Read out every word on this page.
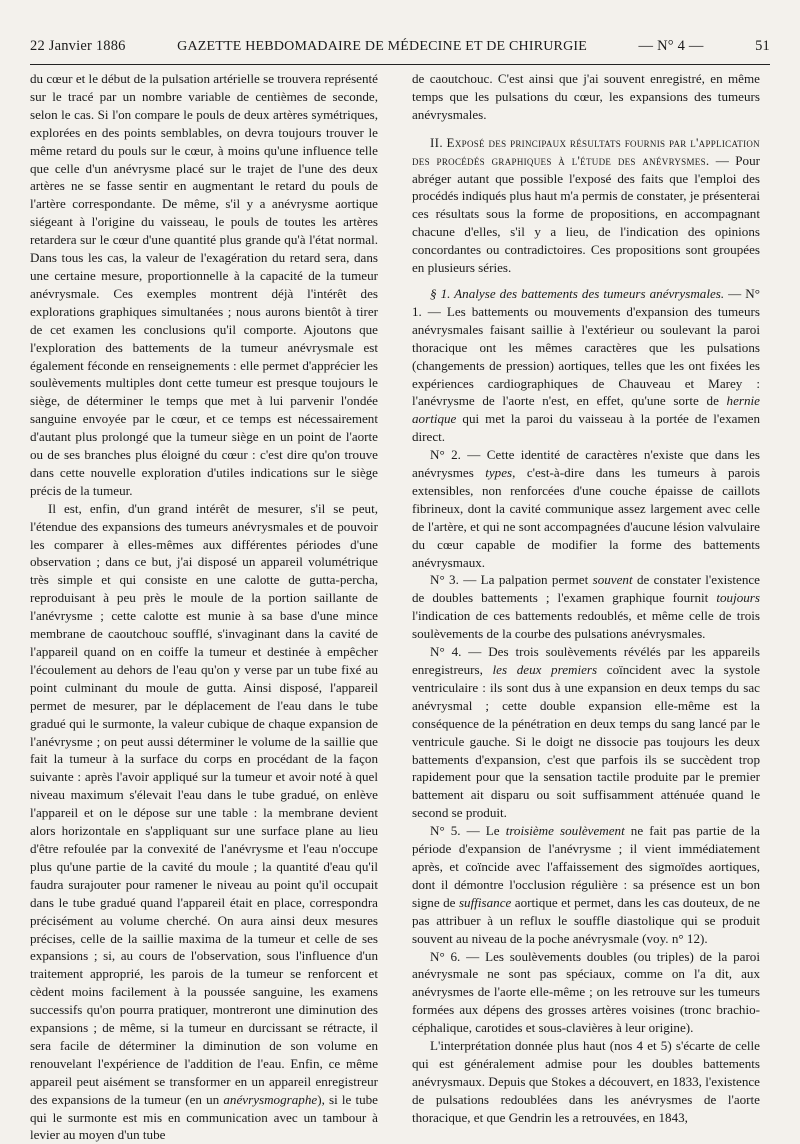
22 Janvier 1886	GAZETTE HEBDOMADAIRE DE MÉDECINE ET DE CHIRURGIE	— N° 4 —	51

du cœur et le début de la pulsation artérielle se trouvera représenté sur le tracé par un nombre variable de centièmes de seconde, selon le cas. Si l'on compare le pouls de deux artères symétriques, explorées en des points semblables, on devra toujours trouver le même retard du pouls sur le cœur, à moins qu'une influence telle que celle d'un anévrysme placé sur le trajet de l'une des deux artères ne se fasse sentir en augmentant le retard du pouls de l'artère correspondante. De même, s'il y a anévrysme aortique siégeant à l'origine du vaisseau, le pouls de toutes les artères retardera sur le cœur d'une quantité plus grande qu'à l'état normal. Dans tous les cas, la valeur de l'exagération du retard sera, dans une certaine mesure, proportionnelle à la capacité de la tumeur anévrysmale. Ces exemples montrent déjà l'intérêt des explorations graphiques simultanées ; nous aurons bientôt à tirer de cet examen les conclusions qu'il comporte. Ajoutons que l'exploration des battements de la tumeur anévrysmale est également féconde en renseignements : elle permet d'apprécier les soulèvements multiples dont cette tumeur est presque toujours le siège, de déterminer le temps que met à lui parvenir l'ondée sanguine envoyée par le cœur, et ce temps est nécessairement d'autant plus prolongé que la tumeur siège en un point de l'aorte ou de ses branches plus éloigné du cœur : c'est dire qu'on trouve dans cette nouvelle exploration d'utiles indications sur le siège précis de la tumeur.

Il est, enfin, d'un grand intérêt de mesurer, s'il se peut, l'étendue des expansions des tumeurs anévrysmales et de pouvoir les comparer à elles-mêmes aux différentes périodes d'une observation ; dans ce but, j'ai disposé un appareil volumétrique très simple et qui consiste en une calotte de gutta-percha, reproduisant à peu près le moule de la portion saillante de l'anévrysme ; cette calotte est munie à sa base d'une mince membrane de caoutchouc soufflé, s'invaginant dans la cavité de l'appareil quand on en coiffe la tumeur et destinée à empêcher l'écoulement au dehors de l'eau qu'on y verse par un tube fixé au point culminant du moule de gutta. Ainsi disposé, l'appareil permet de mesurer, par le déplacement de l'eau dans le tube gradué qui le surmonte, la valeur cubique de chaque expansion de l'anévrysme ; on peut aussi déterminer le volume de la saillie que fait la tumeur à la surface du corps en procédant de la façon suivante : après l'avoir appliqué sur la tumeur et avoir noté à quel niveau maximum s'élevait l'eau dans le tube gradué, on enlève l'appareil et on le dépose sur une table : la membrane devient alors horizontale en s'appliquant sur une surface plane au lieu d'être refoulée par la convexité de l'anévrysme et l'eau n'occupe plus qu'une partie de la cavité du moule ; la quantité d'eau qu'il faudra surajouter pour ramener le niveau au point qu'il occupait dans le tube gradué quand l'appareil était en place, correspondra précisément au volume cherché. On aura ainsi deux mesures précises, celle de la saillie maxima de la tumeur et celle de ses expansions ; si, au cours de l'observation, sous l'influence d'un traitement approprié, les parois de la tumeur se renforcent et cèdent moins facilement à la poussée sanguine, les examens successifs qu'on pourra pratiquer, montreront une diminution des expansions ; de même, si la tumeur en durcissant se rétracte, il sera facile de déterminer la diminution de son volume en renouvelant l'expérience de l'addition de l'eau. Enfin, ce même appareil peut aisément se transformer en un appareil enregistreur des expansions de la tumeur (en un anévrysmographe), si le tube qui le surmonte est mis en communication avec un tambour à levier au moyen d'un tube

de caoutchouc. C'est ainsi que j'ai souvent enregistré, en même temps que les pulsations du cœur, les expansions des tumeurs anévrysmales.

II. Exposé des principaux résultats fournis par l'application des procédés graphiques à l'étude des anévrysmes. — Pour abréger autant que possible l'exposé des faits que l'emploi des procédés indiqués plus haut m'a permis de constater, je présenterai ces résultats sous la forme de propositions, en accompagnant chacune d'elles, s'il y a lieu, de l'indication des opinions concordantes ou contradictoires. Ces propositions sont groupées en plusieurs séries.

§ 1. Analyse des battements des tumeurs anévrysmales. — N° 1. — Les battements ou mouvements d'expansion des tumeurs anévrysmales faisant saillie à l'extérieur ou soulevant la paroi thoracique ont les mêmes caractères que les pulsations (changements de pression) aortiques, telles que les ont fixées les expériences cardiographiques de Chauveau et Marey : l'anévrysme de l'aorte n'est, en effet, qu'une sorte de hernie aortique qui met la paroi du vaisseau à la portée de l'examen direct.

N° 2. — Cette identité de caractères n'existe que dans les anévrysmes types, c'est-à-dire dans les tumeurs à parois extensibles, non renforcées d'une couche épaisse de caillots fibrineux, dont la cavité communique assez largement avec celle de l'artère, et qui ne sont accompagnées d'aucune lésion valvulaire du cœur capable de modifier la forme des battements anévrysmaux.

N° 3. — La palpation permet souvent de constater l'existence de doubles battements ; l'examen graphique fournit toujours l'indication de ces battements redoublés, et même celle de trois soulèvements de la courbe des pulsations anévrysmales.

N° 4. — Des trois soulèvements révélés par les appareils enregistreurs, les deux premiers coïncident avec la systole ventriculaire : ils sont dus à une expansion en deux temps du sac anévrysmal ; cette double expansion elle-même est la conséquence de la pénétration en deux temps du sang lancé par le ventricule gauche. Si le doigt ne dissocie pas toujours les deux battements d'expansion, c'est que parfois ils se succèdent trop rapidement pour que la sensation tactile produite par le premier battement ait disparu ou soit suffisamment atténuée quand le second se produit.

N° 5. — Le troisième soulèvement ne fait pas partie de la période d'expansion de l'anévrysme ; il vient immédiatement après, et coïncide avec l'affaissement des sigmoïdes aortiques, dont il démontre l'occlusion régulière : sa présence est un bon signe de suffisance aortique et permet, dans les cas douteux, de ne pas attribuer à un reflux le souffle diastolique qui se produit souvent au niveau de la poche anévrysmale (voy. n° 12).

N° 6. — Les soulèvements doubles (ou triples) de la paroi anévrysmale ne sont pas spéciaux, comme on l'a dit, aux anévrysmes de l'aorte elle-même ; on les retrouve sur les tumeurs formées aux dépens des grosses artères voisines (tronc brachio-céphalique, carotides et sous-clavières à leur origine).

L'interprétation donnée plus haut (nos 4 et 5) s'écarte de celle qui est généralement admise pour les doubles battements anévrysmaux. Depuis que Stokes a découvert, en 1833, l'existence de pulsations redoublées dans les anévrysmes de l'aorte thoracique, et que Gendrin les a retrouvées, en 1843,
